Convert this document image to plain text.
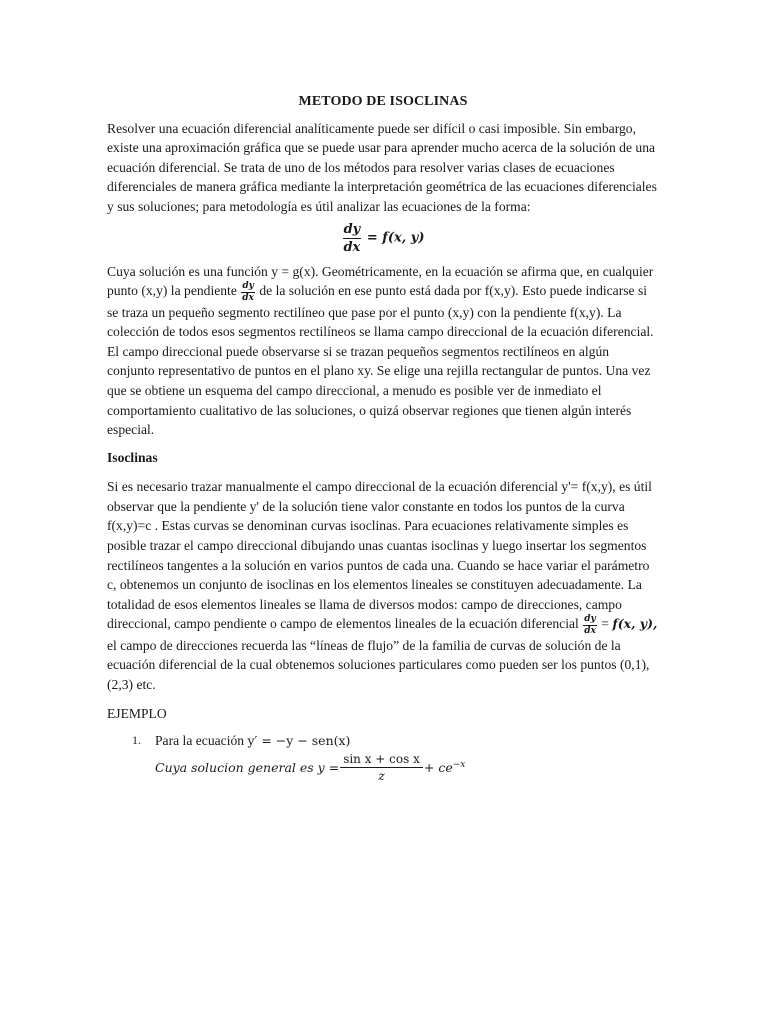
METODO DE ISOCLINAS

Resolver una ecuación diferencial analíticamente puede ser difícil o casi imposible. Sin embargo, existe una aproximación gráfica que se puede usar para aprender mucho acerca de la solución de una ecuación diferencial. Se trata de uno de los métodos para resolver varias clases de ecuaciones diferenciales de manera gráfica mediante la interpretación geométrica de las ecuaciones diferenciales y sus soluciones; para metodología es útil analizar las ecuaciones de la forma:

$\frac{dy}{dx} = f(x$, y)

Cuya solución es una función y = g(x). Geométricamente, en la ecuación se afirma que, en cualquier punto (x,y) la pendiente $\frac{dy}{dx}$ de la solución en ese punto está dada por f(x,y). Esto puede indicarse si se traza un pequeño segmento rectilíneo que pase por el punto (x,y) con la pendiente f(x,y). La colección de todos esos segmentos rectilíneos se llama campo direccional de la ecuación diferencial. El campo direccional puede observarse si se trazan pequeños segmentos rectilíneos en algún conjunto representativo de puntos en el plano xy. Se elige una rejilla rectangular de puntos. Una vez que se obtiene un esquema del campo direccional, a menudo es posible ver de inmediato el comportamiento cualitativo de las soluciones, o quizá observar regiones que tienen algún interés especial.

Isoclinas

Si es necesario trazar manualmente el campo direccional de la ecuación diferencial y'= f(x,y), es útil observar que la pendiente y' de la solución tiene valor constante en todos los puntos de la curva f(x,y)=c . Estas curvas se denominan curvas isoclinas. Para ecuaciones relativamente simples es posible trazar el campo direccional dibujando unas cuantas isoclinas y luego insertar los segmentos rectilíneos tangentes a la solución en varios puntos de cada una. Cuando se hace variar el parámetro c, obtenemos un conjunto de isoclinas en los elementos lineales se constituyen adecuadamente. La totalidad de esos elementos lineales se llama de diversos modos: campo de direcciones, campo direccional, campo pendiente o campo de elementos lineales de la ecuación diferencial $\frac{dy}{dx} = f(x$, y), el campo de direcciones recuerda las “líneas de flujo” de la familia de curvas de solución de la ecuación diferencial de la cual obtenemos soluciones particulares como pueden ser los puntos (0,1), (2,3) etc.

EJEMPLO
1. Para la ecuación y′ = −y − sen(x)
Cuya solucion general es $y = \frac{\text{sin x + cos x}}{z} + ce^{-x}$
